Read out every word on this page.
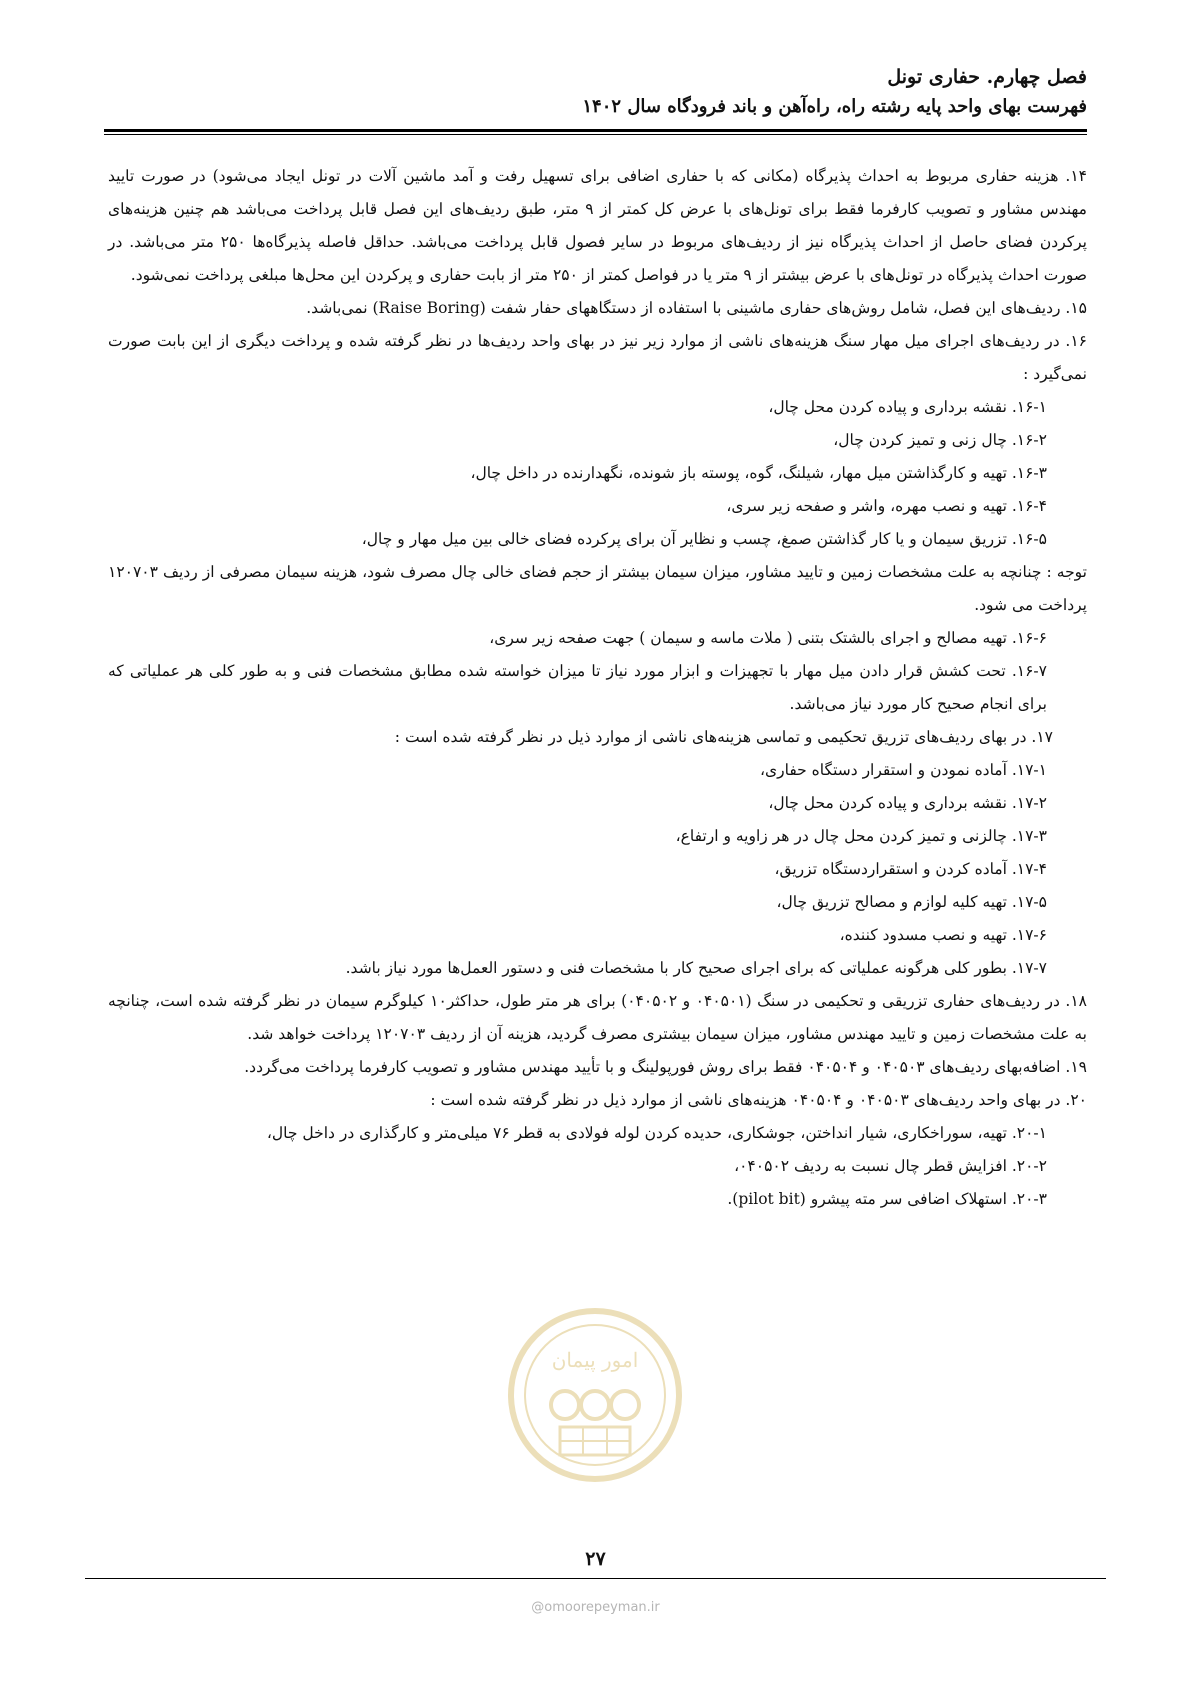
فصل چهارم. حفاری تونل
فهرست بهای واحد پایه رشته راه، راه‌آهن و باند فرودگاه سال ۱۴۰۲

۱۴. هزینه حفاری مربوط به احداث پذیرگاه (مکانی که با حفاری اضافی برای تسهیل رفت و آمد ماشین آلات در تونل ایجاد می‌شود) در صورت تایید مهندس مشاور و تصویب کارفرما فقط برای تونل‌های با عرض کل کمتر از ۹ متر، طبق ردیف‌های این فصل قابل پرداخت می‌باشد هم چنین هزینه‌های پرکردن فضای حاصل از احداث پذیرگاه نیز از ردیف‌های مربوط در سایر فصول قابل پرداخت می‌باشد. حداقل فاصله پذیرگاه‌ها ۲۵۰ متر می‌باشد. در صورت احداث پذیرگاه در تونل‌های با عرض بیشتر از ۹ متر یا در فواصل کمتر از ۲۵۰ متر از بابت حفاری و پرکردن این محل‌ها مبلغی پرداخت نمی‌شود.

۱۵. ردیف‌های این فصل، شامل روش‌های حفاری ماشینی با استفاده از دستگاههای حفار شفت (Raise Boring) نمی‌باشد.

۱۶. در ردیف‌های اجرای میل مهار سنگ هزینه‌های ناشی از موارد زیر نیز در بهای واحد ردیف‌ها در نظر گرفته شده و پرداخت دیگری از این بابت صورت نمی‌گیرد :

۱۶-۱. نقشه برداری و پیاده کردن محل چال،

۱۶-۲. چال زنی و تمیز کردن چال،

۱۶-۳. تهیه و کارگذاشتن میل مهار، شیلنگ، گوه، پوسته باز شونده، نگهدارنده در داخل چال،

۱۶-۴. تهیه و نصب مهره، واشر و صفحه زیر سری،

۱۶-۵. تزریق سیمان و یا کار گذاشتن صمغ، چسب و نظایر آن برای پرکرده فضای خالی بین میل مهار و چال،

توجه : چنانچه به علت مشخصات زمین و تایید مشاور، میزان سیمان بیشتر از حجم فضای خالی چال مصرف شود، هزینه سیمان مصرفی از ردیف ۱۲۰۷۰۳ پرداخت می شود.

۱۶-۶. تهیه مصالح و اجرای بالشتک بتنی ( ملات ماسه و سیمان ) جهت صفحه زیر سری،

۱۶-۷. تحت کشش قرار دادن میل مهار با تجهیزات و ابزار مورد نیاز تا میزان خواسته شده مطابق مشخصات فنی و به طور کلی هر عملیاتی که برای انجام صحیح کار مورد نیاز می‌باشد.

۱۷. در بهای ردیف‌های تزریق تحکیمی و تماسی هزینه‌های ناشی از موارد ذیل در نظر گرفته شده است :

۱۷-۱. آماده نمودن و استقرار دستگاه حفاری،

۱۷-۲. نقشه برداری و پیاده کردن محل چال،

۱۷-۳. چالزنی و تمیز کردن محل چال در هر زاویه و ارتفاع،

۱۷-۴. آماده کردن و استقراردستگاه تزریق،

۱۷-۵. تهیه کلیه لوازم و مصالح تزریق چال،

۱۷-۶. تهیه و نصب مسدود کننده،

۱۷-۷. بطور کلی هرگونه عملیاتی که برای اجرای صحیح کار با مشخصات فنی و دستور العمل‌ها مورد نیاز باشد.

۱۸. در ردیف‌های حفاری تزریقی و تحکیمی در سنگ (۰۴۰۵۰۱ و ۰۴۰۵۰۲) برای هر متر طول، حداکثر۱۰ کیلوگرم سیمان در نظر گرفته شده است، چنانچه به علت مشخصات زمین و تایید مهندس مشاور، میزان سیمان بیشتری مصرف گردید، هزینه آن از ردیف ۱۲۰۷۰۳ پرداخت خواهد شد.

۱۹. اضافه‌بهای ردیف‌های ۰۴۰۵۰۳ و ۰۴۰۵۰۴ فقط برای روش فورپولینگ و با تأیید مهندس مشاور و تصویب کارفرما پرداخت می‌گردد.

۲۰. در بهای واحد ردیف‌های ۰۴۰۵۰۳ و ۰۴۰۵۰۴ هزینه‌های ناشی از موارد ذیل در نظر گرفته شده است :

۲۰-۱. تهیه، سوراخکاری، شیار انداختن، جوشکاری، حدیده کردن لوله فولادی به قطر ۷۶ میلی‌متر و کارگذاری در داخل چال،

۲۰-۲. افزایش قطر چال نسبت به ردیف ۰۴۰۵۰۲،

۲۰-۳. استهلاک اضافی سر مته پیشرو (pilot bit).

امور پیمان
۲۷
@omoorepeyman.ir
